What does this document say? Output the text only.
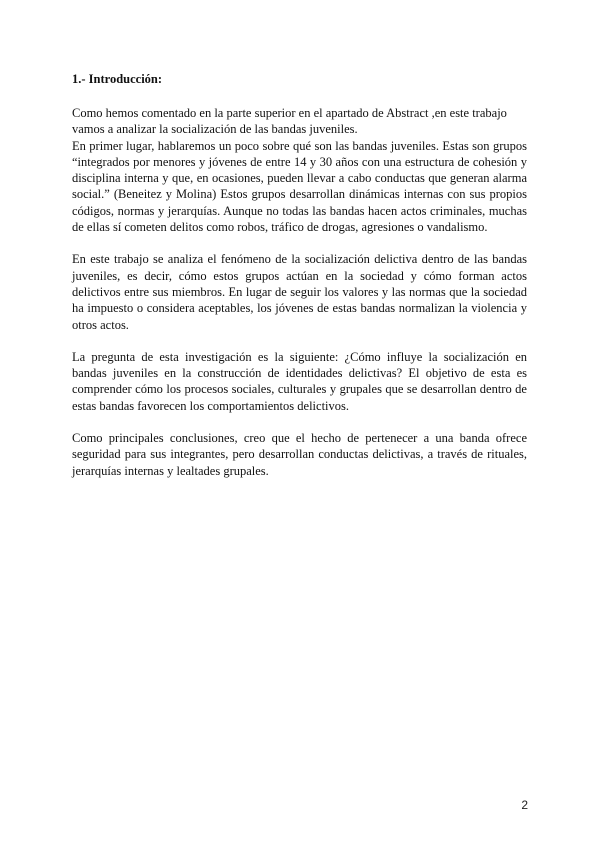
1.- Introducción:

Como hemos comentado en la parte superior en el apartado de Abstract ,en este trabajo vamos a analizar la socialización de las bandas juveniles.

En primer lugar, hablaremos un poco sobre qué son las bandas juveniles. Estas son grupos “integrados por menores y jóvenes de entre 14 y 30 años con una estructura de cohesión y disciplina interna y que, en ocasiones, pueden llevar a cabo conductas que generan alarma social.” (Beneitez y Molina) Estos grupos desarrollan dinámicas internas con sus propios códigos, normas y jerarquías. Aunque no todas las bandas hacen actos criminales, muchas de ellas sí cometen delitos como robos, tráfico de drogas, agresiones o vandalismo.

En este trabajo se analiza el fenómeno de la socialización delictiva dentro de las bandas juveniles, es decir, cómo estos grupos actúan en la sociedad y cómo forman actos delictivos entre sus miembros. En lugar de seguir los valores y las normas que la sociedad ha impuesto o considera aceptables, los jóvenes de estas bandas normalizan la violencia y otros actos.

La pregunta de esta investigación es la siguiente: ¿Cómo influye la socialización en bandas juveniles en la construcción de identidades delictivas? El objetivo de esta es comprender cómo los procesos sociales, culturales y grupales que se desarrollan dentro de estas bandas favorecen los comportamientos delictivos.

Como principales conclusiones, creo que el hecho de pertenecer a una banda ofrece seguridad para sus integrantes, pero desarrollan conductas delictivas, a través de rituales, jerarquías internas y lealtades grupales.

2
